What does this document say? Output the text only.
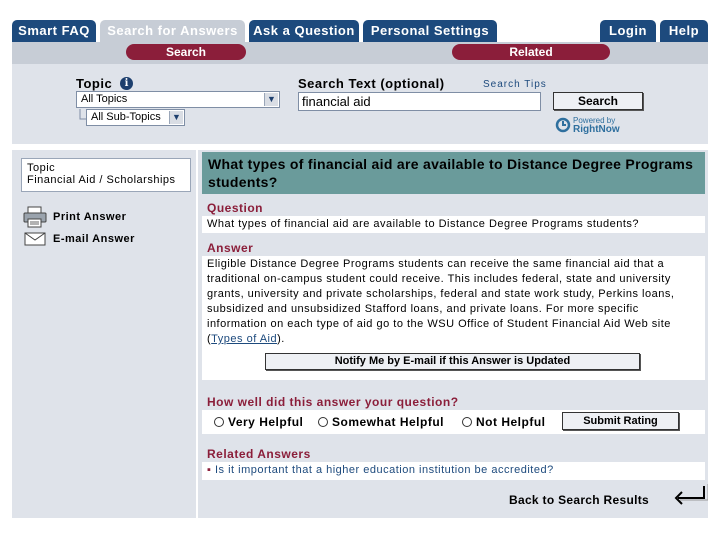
Smart FAQ	Search for Answers	Ask a Question	Personal Settings	Login	Help
Search	Related
Topic	i
All Topics	▼
All Sub-Topics	▼
Search Text (optional)	Search Tips
financial aid	Search
Powered by
RightNow
Topic
Financial Aid / Scholarships
Print Answer
E-mail Answer
What types of financial aid are available to Distance Degree Programs students?
Question
What types of financial aid are available to Distance Degree Programs students?
Answer
Eligible Distance Degree Programs students can receive the same financial aid that a traditional on-campus student could receive. This includes federal, state and university grants, university and private scholarships, federal and state work study, Perkins loans, subsidized and unsubsidized Stafford loans, and private loans. For more specific information on each type of aid go to the WSU Office of Student Financial Aid Web site (Types of Aid).
Notify Me by E-mail if this Answer is Updated
How well did this answer your question?
Very Helpful Somewhat Helpful	Not Helpful	Submit Rating
Related Answers
▪ Is it important that a higher education institution be accredited?
Back to Search Results
